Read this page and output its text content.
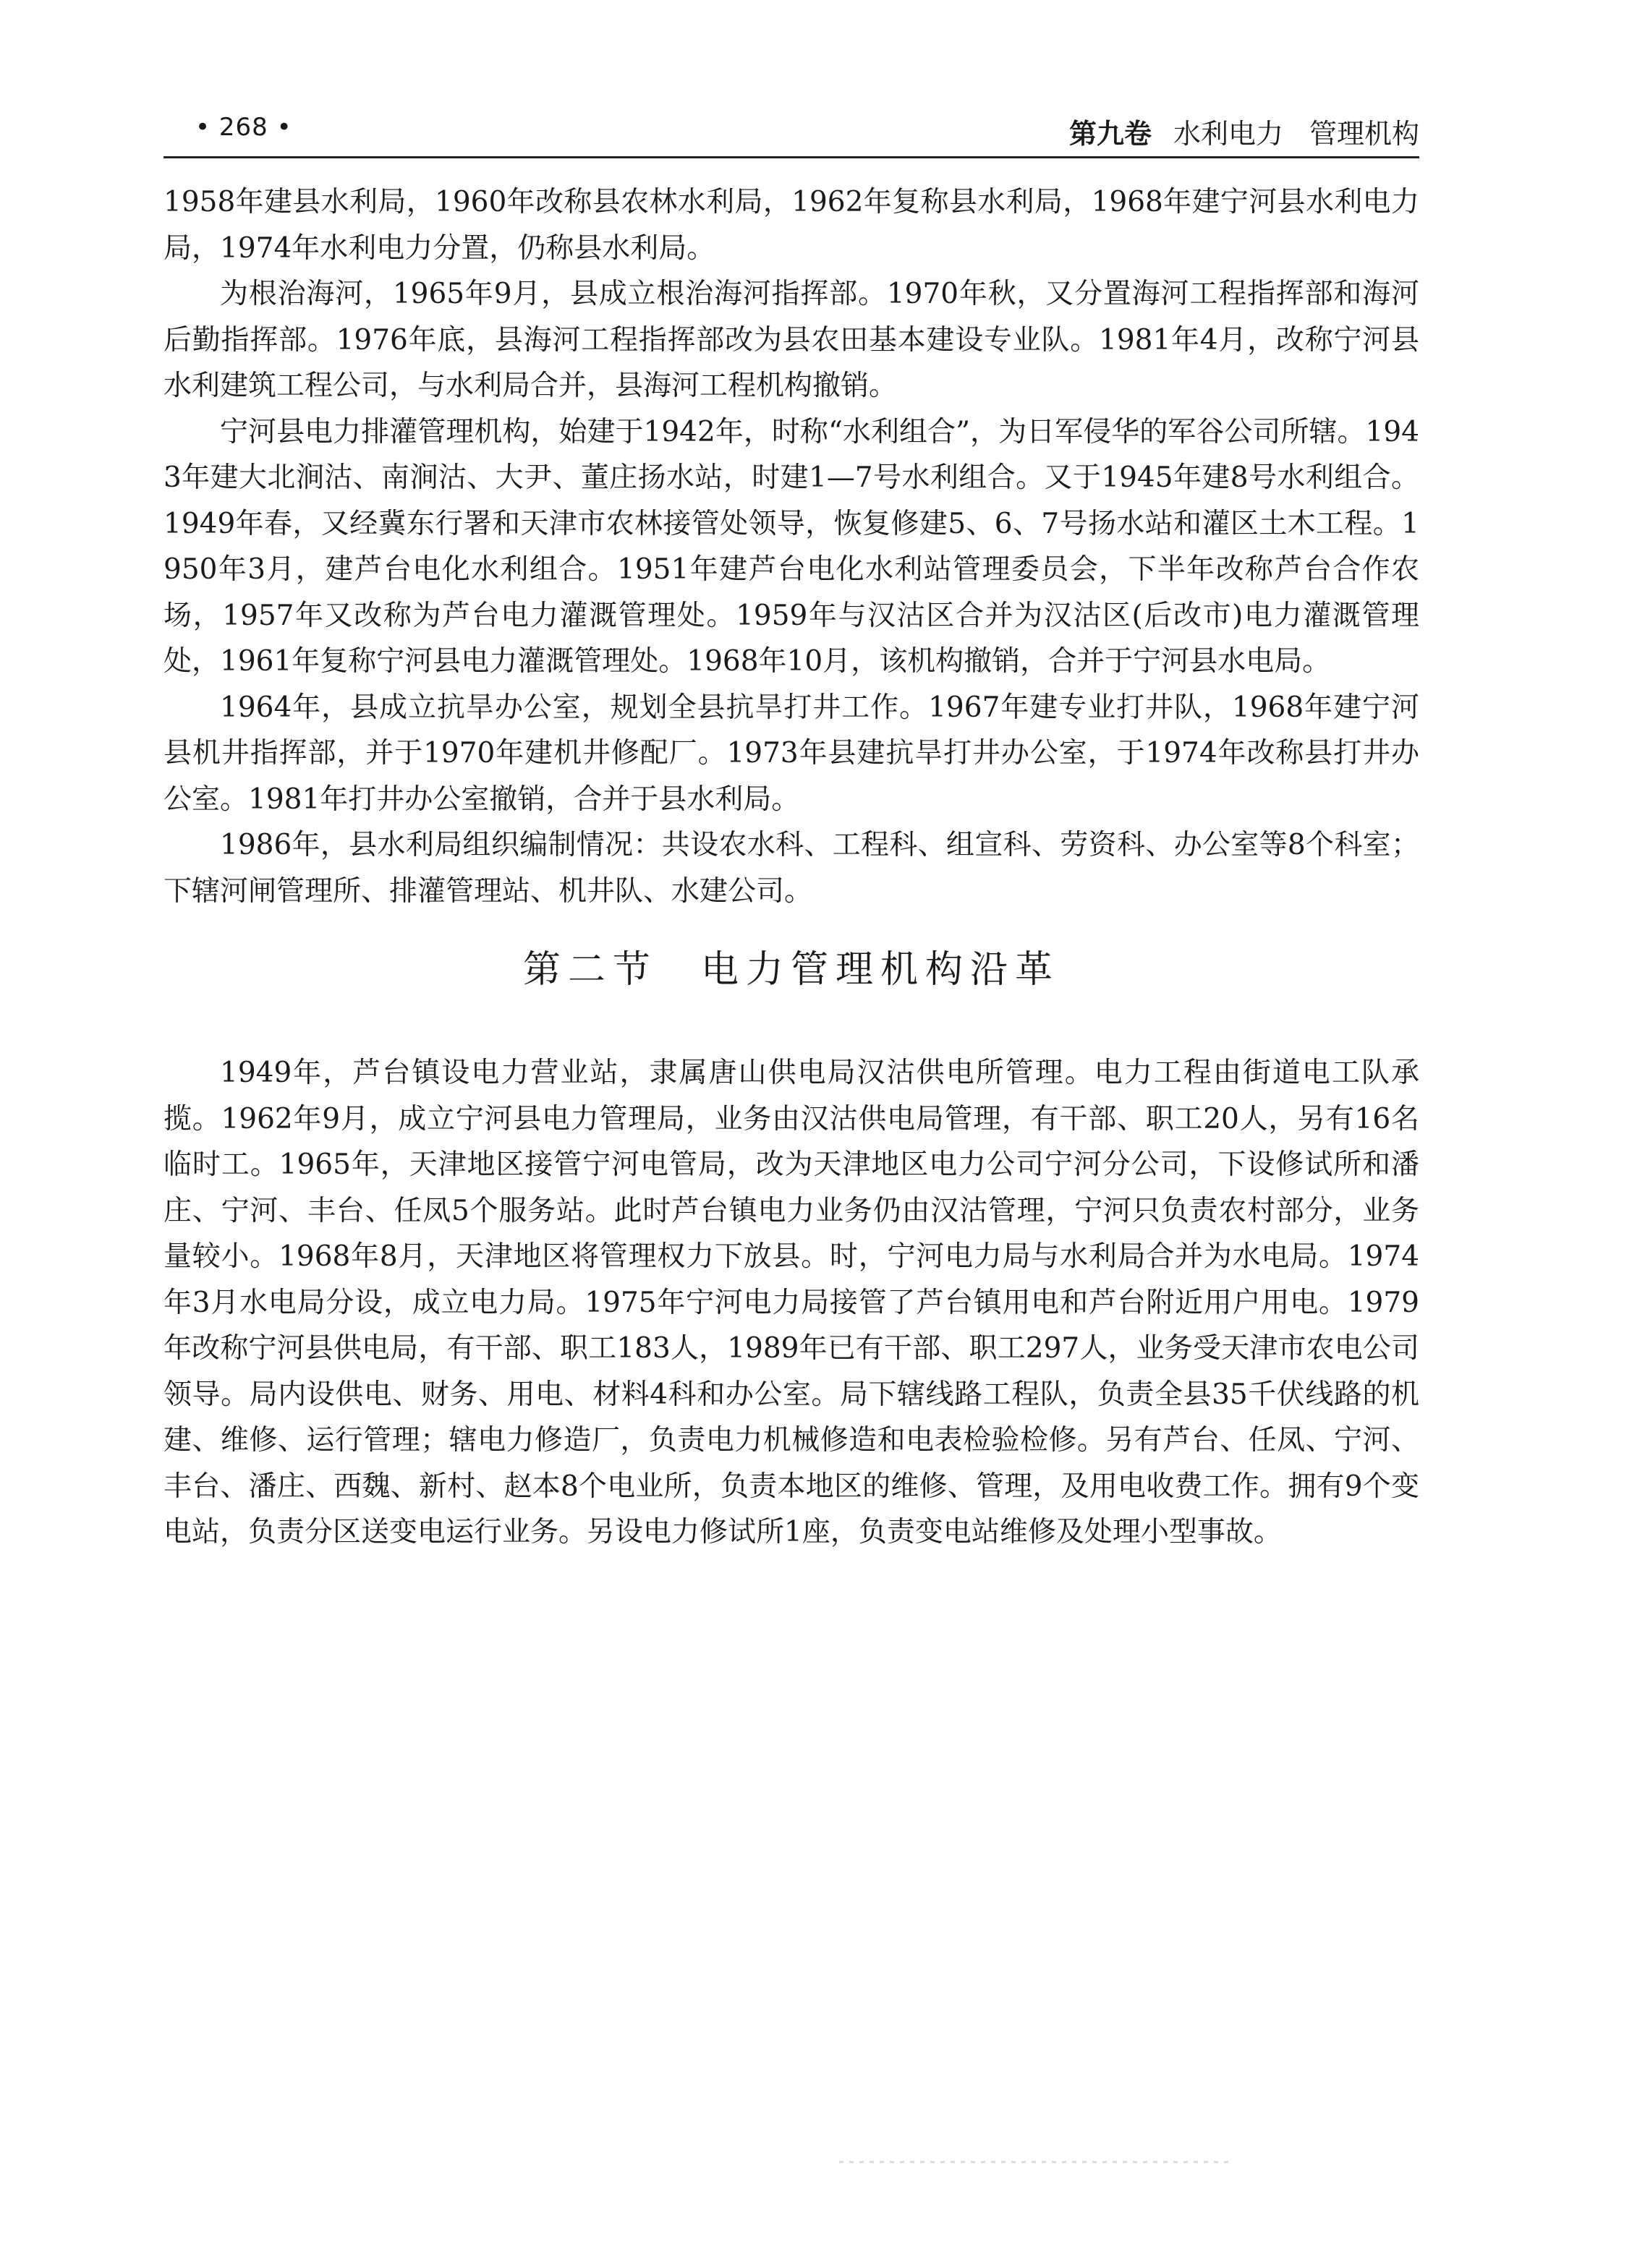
• 268 •	第九卷 水利电力 管理机构

1958年建县水利局，1960年改称县农林水利局，1962年复称县水利局，1968年建宁河县水利电力局，1974年水利电力分置，仍称县水利局。

为根治海河，1965年9月，县成立根治海河指挥部。1970年秋，又分置海河工程指挥部和海河后勤指挥部。1976年底，县海河工程指挥部改为县农田基本建设专业队。1981年4月，改称宁河县水利建筑工程公司，与水利局合并，县海河工程机构撤销。

宁河县电力排灌管理机构，始建于1942年，时称“水利组合”，为日军侵华的军谷公司所辖。1943年建大北涧沽、南涧沽、大尹、董庄扬水站，时建1—7号水利组合。又于1945年建8号水利组合。1949年春，又经冀东行署和天津市农林接管处领导，恢复修建5、6、7号扬水站和灌区土木工程。1950年3月，建芦台电化水利组合。1951年建芦台电化水利站管理委员会，下半年改称芦台合作农场，1957年又改称为芦台电力灌溉管理处。1959年与汉沽区合并为汉沽区(后改市)电力灌溉管理处，1961年复称宁河县电力灌溉管理处。1968年10月，该机构撤销，合并于宁河县水电局。

1964年，县成立抗旱办公室，规划全县抗旱打井工作。1967年建专业打井队，1968年建宁河县机井指挥部，并于1970年建机井修配厂。1973年县建抗旱打井办公室，于1974年改称县打井办公室。1981年打井办公室撤销，合并于县水利局。

1986年，县水利局组织编制情况：共设农水科、工程科、组宣科、劳资科、办公室等8个科室；下辖河闸管理所、排灌管理站、机井队、水建公司。

第二节 电力管理机构沿革

1949年，芦台镇设电力营业站，隶属唐山供电局汉沽供电所管理。电力工程由街道电工队承揽。1962年9月，成立宁河县电力管理局，业务由汉沽供电局管理，有干部、职工20人，另有16名临时工。1965年，天津地区接管宁河电管局，改为天津地区电力公司宁河分公司，下设修试所和潘庄、宁河、丰台、任凤5个服务站。此时芦台镇电力业务仍由汉沽管理，宁河只负责农村部分，业务量较小。1968年8月，天津地区将管理权力下放县。时，宁河电力局与水利局合并为水电局。1974年3月水电局分设，成立电力局。1975年宁河电力局接管了芦台镇用电和芦台附近用户用电。1979年改称宁河县供电局，有干部、职工183人，1989年已有干部、职工297人，业务受天津市农电公司领导。局内设供电、财务、用电、材料4科和办公室。局下辖线路工程队，负责全县35千伏线路的机建、维修、运行管理；辖电力修造厂，负责电力机械修造和电表检验检修。另有芦台、任凤、宁河、丰台、潘庄、西魏、新村、赵本8个电业所，负责本地区的维修、管理，及用电收费工作。拥有9个变电站，负责分区送变电运行业务。另设电力修试所1座，负责变电站维修及处理小型事故。
